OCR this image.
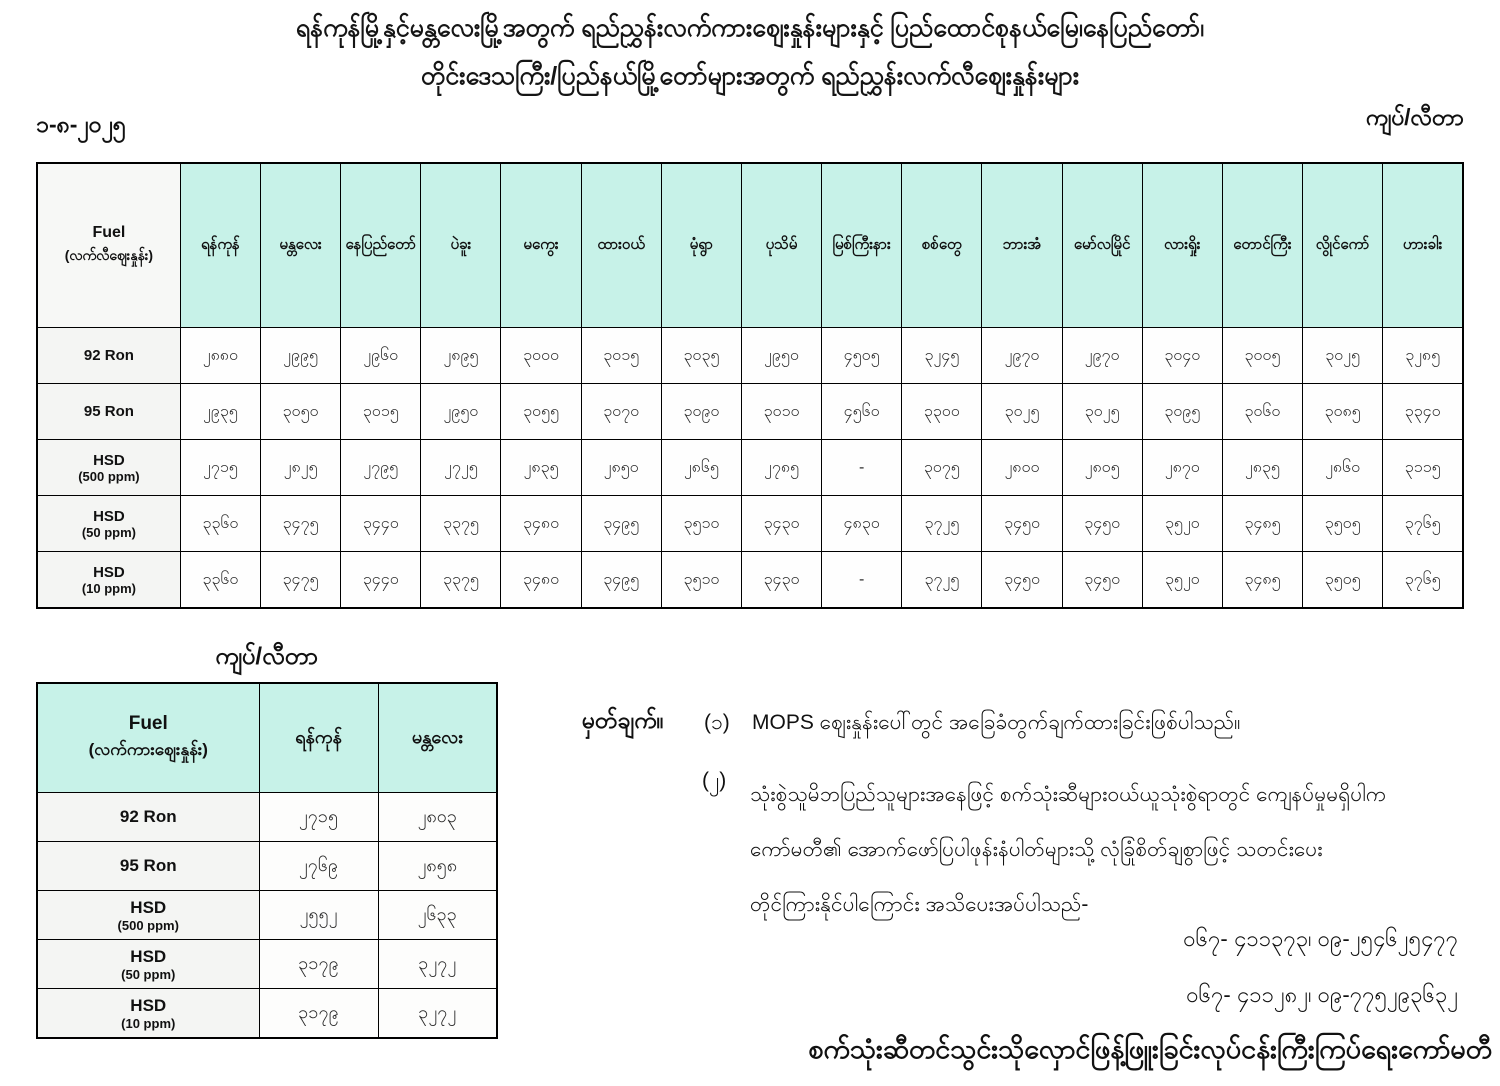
ရန်ကုန်မြို့နှင့်မန္တလေးမြို့အတွက် ရည်ညွှန်းလက်ကားဈေးနှုန်းများနှင့် ပြည်ထောင်စုနယ်မြေ၊နေပြည်တော်၊
တိုင်းဒေသကြီး/ပြည်နယ်မြို့တော်များအတွက် ရည်ညွှန်းလက်လီဈေးနှုန်းများ
၁-၈-၂၀၂၅	ကျပ်/လီတာ
Fuel
(လက်လီဈေးနှုန်း)	ရန်ကုန်	မန္တလေး	နေပြည်တော်	ပဲခူး	မကွေး	ထားဝယ်	မုံရွာ	ပုသိမ်	မြစ်ကြီးနား	စစ်တွေ	ဘားအံ	မော်လမြိုင်	လားရှိုး	တောင်ကြီး	လွိုင်ကော်	ဟားခါး

92 Ron	၂၈၈၀	၂၉၉၅	၂၉၆၀	၂၈၉၅	၃၀၀၀	၃၀၁၅	၃၀၃၅	၂၉၅၀	၄၅၀၅	၃၂၄၅	၂၉၇၀	၂၉၇၀	၃၀၄၀	၃၀၀၅	၃၀၂၅	၃၂၈၅

95 Ron	၂၉၃၅	၃၀၅၀	၃၀၁၅	၂၉၅၀	၃၀၅၅	၃၀၇၀	၃၀၉၀	၃၀၁၀	၄၅၆၀	၃၃၀၀	၃၀၂၅	၃၀၂၅	၃၀၉၅	၃၀၆၀	၃၀၈၅	၃၃၄၀

HSD
(500 ppm)	၂၇၁၅	၂၈၂၅	၂၇၉၅	၂၇၂၅	၂၈၃၅	၂၈၅၀	၂၈၆၅	၂၇၈၅	-	၃၀၇၅	၂၈၀၀	၂၈၀၅	၂၈၇၀	၂၈၃၅	၂၈၆၀	၃၁၁၅

HSD
(50 ppm)	၃၃၆၀	၃၄၇၅	၃၄၄၀	၃၃၇၅	၃၄၈၀	၃၄၉၅	၃၅၁၀	၃၄၃၀	၄၈၃၀	၃၇၂၅	၃၄၅၀	၃၄၅၀	၃၅၂၀	၃၄၈၅	၃၅၀၅	၃၇၆၅

HSD
(10 ppm)	၃၃၆၀	၃၄၇၅	၃၄၄၀	၃၃၇၅	၃၄၈၀	၃၄၉၅	၃၅၁၀	၃၄၃၀	-	၃၇၂၅	၃၄၅၀	၃၄၅၀	၃၅၂၀	၃၄၈၅	၃၅၀၅	၃၇၆၅
ကျပ်/လီတာ
Fuel
(လက်ကားဈေးနှုန်း)	ရန်ကုန်	မန္တလေး

92 Ron	၂၇၁၅	၂၈၀၃

95 Ron	၂၇၆၉	၂၈၅၈

HSD
(500 ppm)	၂၅၅၂	၂၆၃၃

HSD
(50 ppm)	၃၁၇၉	၃၂၇၂

HSD
(10 ppm)	၃၁၇၉	၃၂၇၂
မှတ်ချက်။ (၁) MOPS ဈေးနှုန်းပေါ်တွင် အခြေခံတွက်ချက်ထားခြင်းဖြစ်ပါသည်။
(၂)
သုံးစွဲသူမိဘပြည်သူများအနေဖြင့် စက်သုံးဆီများဝယ်ယူသုံးစွဲရာတွင် ကျေနပ်မှုမရှိပါက
ကော်မတီ၏ အောက်ဖော်ပြပါဖုန်းနံပါတ်များသို့ လုံခြုံစိတ်ချစွာဖြင့် သတင်းပေး
တိုင်ကြားနိုင်ပါကြောင်း အသိပေးအပ်ပါသည်-
၀၆၇- ၄၁၁၃၇၃၊ ၀၉-၂၅၄၆၂၅၄၇၇
၀၆၇- ၄၁၁၂၈၂၊ ၀၉-၇၇၅၂၉၃၆၃၂
စက်သုံးဆီတင်သွင်းသိုလှောင်ဖြန့်ဖြူးခြင်းလုပ်ငန်းကြီးကြပ်ရေးကော်မတီ
